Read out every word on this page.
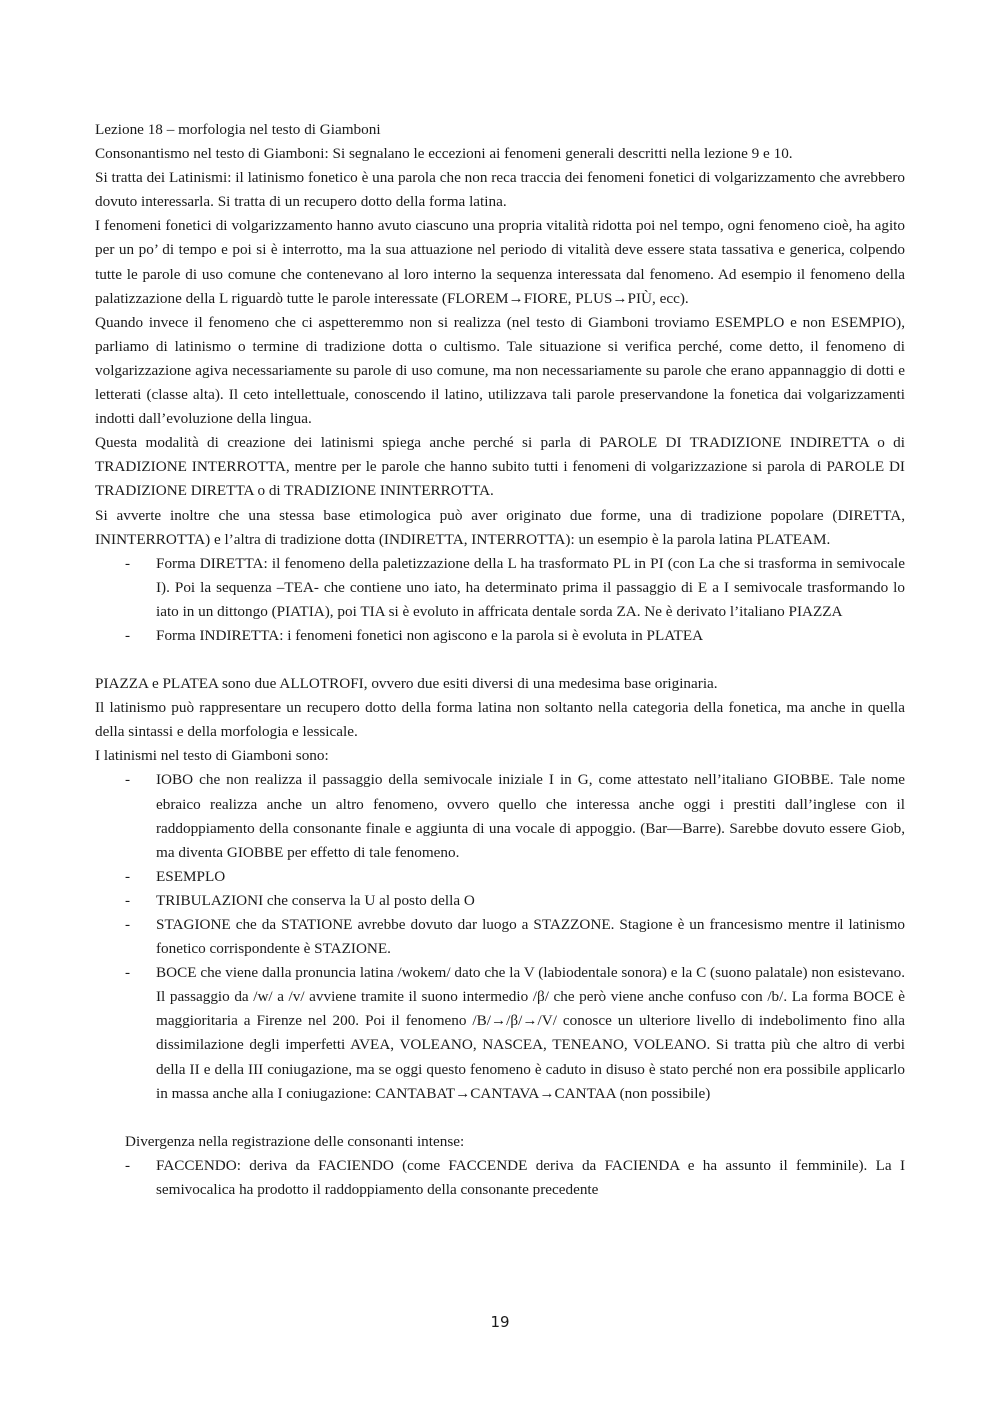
Lezione 18 – morfologia nel testo di Giamboni

Consonantismo nel testo di Giamboni: Si segnalano le eccezioni ai fenomeni generali descritti nella lezione 9 e 10.

Si tratta dei Latinismi: il latinismo fonetico è una parola che non reca traccia dei fenomeni fonetici di volgarizzamento che avrebbero dovuto interessarla. Si tratta di un recupero dotto della forma latina.

I fenomeni fonetici di volgarizzamento hanno avuto ciascuno una propria vitalità ridotta poi nel tempo, ogni fenomeno cioè, ha agito per un po’ di tempo e poi si è interrotto, ma la sua attuazione nel periodo di vitalità deve essere stata tassativa e generica, colpendo tutte le parole di uso comune che contenevano al loro interno la sequenza interessata dal fenomeno. Ad esempio il fenomeno della palatizzazione della L riguardò tutte le parole interessate (FLOREM→FIORE, PLUS→PIÙ, ecc).

Quando invece il fenomeno che ci aspetteremmo non si realizza (nel testo di Giamboni troviamo ESEMPLO e non ESEMPIO), parliamo di latinismo o termine di tradizione dotta o cultismo. Tale situazione si verifica perché, come detto, il fenomeno di volgarizzazione agiva necessariamente su parole di uso comune, ma non necessariamente su parole che erano appannaggio di dotti e letterati (classe alta). Il ceto intellettuale, conoscendo il latino, utilizzava tali parole preservandone la fonetica dai volgarizzamenti indotti dall’evoluzione della lingua.

Questa modalità di creazione dei latinismi spiega anche perché si parla di PAROLE DI TRADIZIONE INDIRETTA o di TRADIZIONE INTERROTTA, mentre per le parole che hanno subito tutti i fenomeni di volgarizzazione si parola di PAROLE DI TRADIZIONE DIRETTA o di TRADIZIONE ININTERROTTA.

Si avverte inoltre che una stessa base etimologica può aver originato due forme, una di tradizione popolare (DIRETTA, ININTERROTTA) e l’altra di tradizione dotta (INDIRETTA, INTERROTTA): un esempio è la parola latina PLATEAM.

- Forma DIRETTA: il fenomeno della paletizzazione della L ha trasformato PL in PI (con La che si trasforma in semivocale I). Poi la sequenza –TEA- che contiene uno iato, ha determinato prima il passaggio di E a I semivocale trasformando lo iato in un dittongo (PIATIA), poi TIA si è evoluto in affricata dentale sorda ZA. Ne è derivato l’italiano PIAZZA
- Forma INDIRETTA: i fenomeni fonetici non agiscono e la parola si è evoluta in PLATEA

PIAZZA e PLATEA sono due ALLOTROFI, ovvero due esiti diversi di una medesima base originaria.

Il latinismo può rappresentare un recupero dotto della forma latina non soltanto nella categoria della fonetica, ma anche in quella della sintassi e della morfologia e lessicale.

I latinismi nel testo di Giamboni sono:

- IOBO che non realizza il passaggio della semivocale iniziale I in G, come attestato nell’italiano GIOBBE. Tale nome ebraico realizza anche un altro fenomeno, ovvero quello che interessa anche oggi i prestiti dall’inglese con il raddoppiamento della consonante finale e aggiunta di una vocale di appoggio. (Bar—Barre). Sarebbe dovuto essere Giob, ma diventa GIOBBE per effetto di tale fenomeno.
- ESEMPLO
- TRIBULAZIONI che conserva la U al posto della O
- STAGIONE che da STATIONE avrebbe dovuto dar luogo a STAZZONE. Stagione è un francesismo mentre il latinismo fonetico corrispondente è STAZIONE.
- BOCE che viene dalla pronuncia latina /wokem/ dato che la V (labiodentale sonora) e la C (suono palatale) non esistevano. Il passaggio da /w/ a /v/ avviene tramite il suono intermedio /β/ che però viene anche confuso con /b/. La forma BOCE è maggioritaria a Firenze nel 200. Poi il fenomeno /B/→/β/→/V/ conosce un ulteriore livello di indebolimento fino alla dissimilazione degli imperfetti AVEA, VOLEANO, NASCEA, TENEANO, VOLEANO. Si tratta più che altro di verbi della II e della III coniugazione, ma se oggi questo fenomeno è caduto in disuso è stato perché non era possibile applicarlo in massa anche alla I coniugazione: CANTABAT→CANTAVA→CANTAA (non possibile)

Divergenza nella registrazione delle consonanti intense:

- FACCENDO: deriva da FACIENDO (come FACCENDE deriva da FACIENDA e ha assunto il femminile). La I semivocalica ha prodotto il raddoppiamento della consonante precedente
19
